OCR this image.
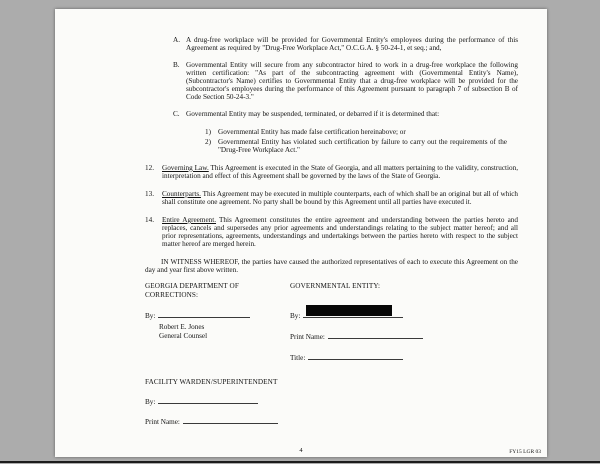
A. A drug-free workplace will be provided for Governmental Entity's employees during the performance of this Agreement as required by "Drug-Free Workplace Act," O.C.G.A. § 50-24-1, et seq.; and,
B. Governmental Entity will secure from any subcontractor hired to work in a drug-free workplace the following written certification: "As part of the subcontracting agreement with (Governmental Entity's Name), (Subcontractor's Name) certifies to Governmental Entity that a drug-free workplace will be provided for the subcontractor's employees during the performance of this Agreement pursuant to paragraph 7 of subsection B of Code Section 50-24-3."
C. Governmental Entity may be suspended, terminated, or debarred if it is determined that:
1) Governmental Entity has made false certification hereinabove; or
2) Governmental Entity has violated such certification by failure to carry out the requirements of the "Drug-Free Workplace Act."
12.	Governing Law. This Agreement is executed in the State of Georgia, and all matters pertaining to the validity, construction, interpretation and effect of this Agreement shall be governed by the laws of the State of Georgia.
13.	Counterparts. This Agreement may be executed in multiple counterparts, each of which shall be an original but all of which shall constitute one agreement. No party shall be bound by this Agreement until all parties have executed it.
14.	Entire Agreement. This Agreement constitutes the entire agreement and understanding between the parties hereto and replaces, cancels and supersedes any prior agreements and understandings relating to the subject matter hereof; and all prior representations, agreements, understandings and undertakings between the parties hereto with respect to the subject matter hereof are merged herein.
IN WITNESS WHEREOF, the parties have caused the authorized representatives of each to execute this Agreement on the day and year first above written.
GEORGIA DEPARTMENT OF CORRECTIONS:
By:
Robert E. Jones
General Counsel
GOVERNMENTAL ENTITY:
By:
Print Name:
Title:
FACILITY WARDEN/SUPERINTENDENT
By:
Print Name:
4	FY15 LGR 03
